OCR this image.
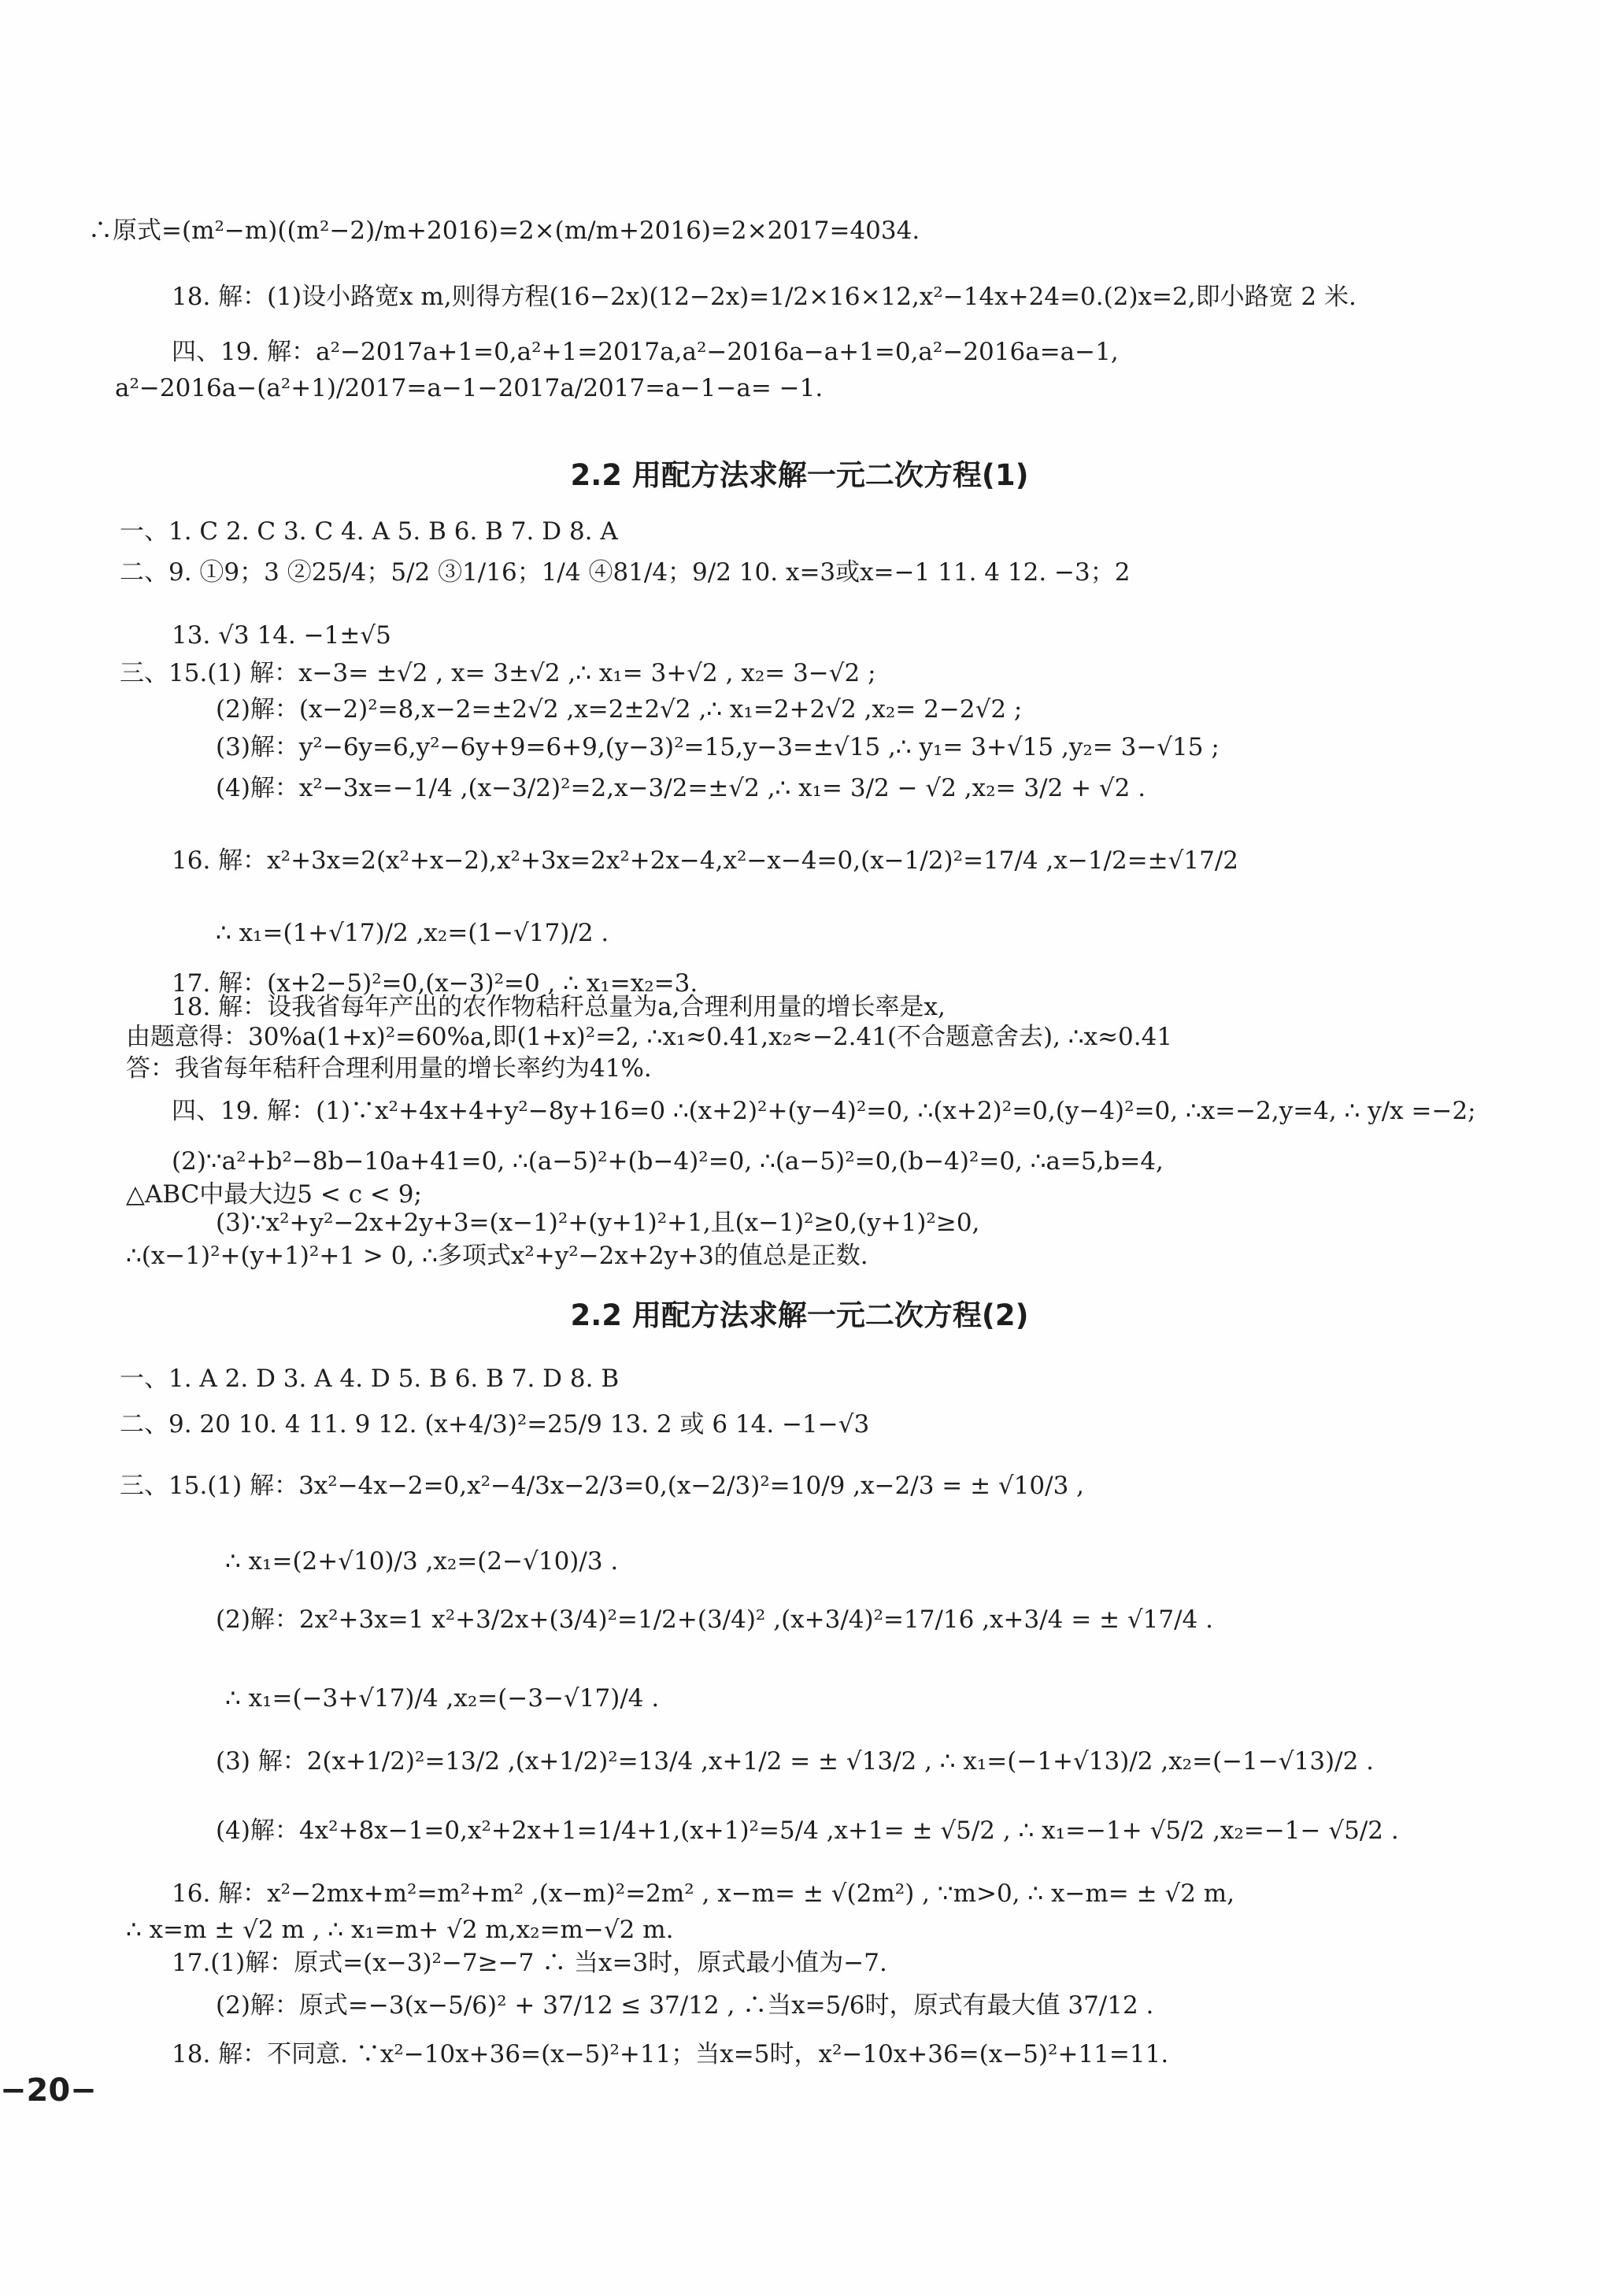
2.2 用配方法求解一元二次方程(1)
2.2 用配方法求解一元二次方程(2)
∴原式=(m²−m)((m²−2)/m+2016)=2×(m/m+2016)=2×2017=4034.
18. 解：(1)设小路宽x m,则得方程(16−2x)(12−2x)=1/2×16×12,x²−14x+24=0.(2)x=2,即小路宽 2 米.
四、19. 解：a²−2017a+1=0,a²+1=2017a,a²−2016a−a+1=0,a²−2016a=a−1,
a²−2016a−(a²+1)/2017=a−1−2017a/2017=a−1−a= −1.
一、1. C 2. C 3. C 4. A 5. B 6. B 7. D 8. A
二、9. ①9；3 ②25/4；5/2 ③1/16；1/4 ④81/4；9/2 10. x=3或x=−1 11. 4 12. −3；2
13. √3 14. −1±√5
三、15.(1) 解：x−3= ±√2 , x= 3±√2 ,∴ x₁= 3+√2 , x₂= 3−√2 ;
(2)解：(x−2)²=8,x−2=±2√2 ,x=2±2√2 ,∴ x₁=2+2√2 ,x₂= 2−2√2 ;
(3)解：y²−6y=6,y²−6y+9=6+9,(y−3)²=15,y−3=±√15 ,∴ y₁= 3+√15 ,y₂= 3−√15 ;
(4)解：x²−3x=−1/4 ,(x−3/2)²=2,x−3/2=±√2 ,∴ x₁= 3/2 − √2 ,x₂= 3/2 + √2 .
16. 解：x²+3x=2(x²+x−2),x²+3x=2x²+2x−4,x²−x−4=0,(x−1/2)²=17/4 ,x−1/2=±√17/2
∴ x₁=(1+√17)/2 ,x₂=(1−√17)/2 .
17. 解：(x+2−5)²=0,(x−3)²=0 , ∴ x₁=x₂=3.
18. 解：设我省每年产出的农作物秸秆总量为a,合理利用量的增长率是x,
由题意得：30%a(1+x)²=60%a,即(1+x)²=2, ∴x₁≈0.41,x₂≈−2.41(不合题意舍去), ∴x≈0.41
答：我省每年秸秆合理利用量的增长率约为41%.
四、19. 解：(1)∵x²+4x+4+y²−8y+16=0 ∴(x+2)²+(y−4)²=0, ∴(x+2)²=0,(y−4)²=0, ∴x=−2,y=4, ∴ y/x =−2;
(2)∵a²+b²−8b−10a+41=0, ∴(a−5)²+(b−4)²=0, ∴(a−5)²=0,(b−4)²=0, ∴a=5,b=4,
△ABC中最大边5 < c < 9;
(3)∵x²+y²−2x+2y+3=(x−1)²+(y+1)²+1,且(x−1)²≥0,(y+1)²≥0,
∴(x−1)²+(y+1)²+1 > 0, ∴多项式x²+y²−2x+2y+3的值总是正数.
一、1. A 2. D 3. A 4. D 5. B 6. B 7. D 8. B
二、9. 20 10. 4 11. 9 12. (x+4/3)²=25/9 13. 2 或 6 14. −1−√3
三、15.(1) 解：3x²−4x−2=0,x²−4/3x−2/3=0,(x−2/3)²=10/9 ,x−2/3 = ± √10/3 ,
∴ x₁=(2+√10)/3 ,x₂=(2−√10)/3 .
(2)解：2x²+3x=1 x²+3/2x+(3/4)²=1/2+(3/4)² ,(x+3/4)²=17/16 ,x+3/4 = ± √17/4 .
∴ x₁=(−3+√17)/4 ,x₂=(−3−√17)/4 .
(3) 解：2(x+1/2)²=13/2 ,(x+1/2)²=13/4 ,x+1/2 = ± √13/2 , ∴ x₁=(−1+√13)/2 ,x₂=(−1−√13)/2 .
(4)解：4x²+8x−1=0,x²+2x+1=1/4+1,(x+1)²=5/4 ,x+1= ± √5/2 , ∴ x₁=−1+ √5/2 ,x₂=−1− √5/2 .
16. 解：x²−2mx+m²=m²+m² ,(x−m)²=2m² , x−m= ± √(2m²) , ∵m>0, ∴ x−m= ± √2 m,
∴ x=m ± √2 m , ∴ x₁=m+ √2 m,x₂=m−√2 m.
17.(1)解：原式=(x−3)²−7≥−7 ∴ 当x=3时，原式最小值为−7.
(2)解：原式=−3(x−5/6)² + 37/12 ≤ 37/12 , ∴当x=5/6时，原式有最大值 37/12 .
18. 解：不同意. ∵x²−10x+36=(x−5)²+11；当x=5时，x²−10x+36=(x−5)²+11=11.
−20−
